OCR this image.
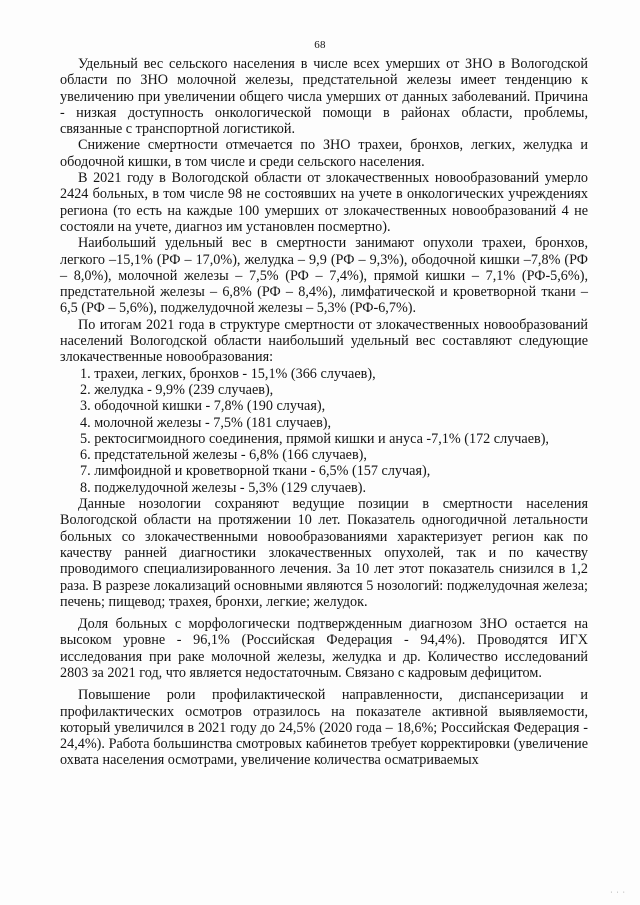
68

Удельный вес сельского населения в числе всех умерших от ЗНО в Вологодской области по ЗНО молочной железы, предстательной железы имеет тенденцию к увеличению при увеличении общего числа умерших от данных заболеваний. Причина - низкая доступность онкологической помощи в районах области, проблемы, связанные с транспортной логистикой.

Снижение смертности отмечается по ЗНО трахеи, бронхов, легких, желудка и ободочной кишки, в том числе и среди сельского населения.

В 2021 году в Вологодской области от злокачественных новообразований умерло 2424 больных, в том числе 98 не состоявших на учете в онкологических учреждениях региона (то есть на каждые 100 умерших от злокачественных новообразований 4 не состояли на учете, диагноз им установлен посмертно).

Наибольший удельный вес в смертности занимают опухоли трахеи, бронхов, легкого –15,1% (РФ – 17,0%), желудка – 9,9 (РФ – 9,3%), ободочной кишки –7,8% (РФ – 8,0%), молочной железы – 7,5% (РФ – 7,4%), прямой кишки – 7,1% (РФ-5,6%), предстательной железы – 6,8% (РФ – 8,4%), лимфатической и кроветворной ткани – 6,5 (РФ – 5,6%), поджелудочной железы – 5,3% (РФ-6,7%).

По итогам 2021 года в структуре смертности от злокачественных новообразований населений Вологодской области наибольший удельный вес составляют следующие злокачественные новообразования:

1. трахеи, легких, бронхов - 15,1% (366 случаев),
2. желудка - 9,9% (239 случаев),
3. ободочной кишки - 7,8% (190 случая),
4. молочной железы - 7,5% (181 случаев),
5. ректосигмоидного соединения, прямой кишки и ануса -7,1% (172 случаев),
6. предстательной железы - 6,8% (166 случаев),
7. лимфоидной и кроветворной ткани - 6,5% (157 случая),
8. поджелудочной железы - 5,3% (129 случаев).

Данные нозологии сохраняют ведущие позиции в смертности населения Вологодской области на протяжении 10 лет. Показатель одногодичной летальности больных со злокачественными новообразованиями характеризует регион как по качеству ранней диагностики злокачественных опухолей, так и по качеству проводимого специализированного лечения. За 10 лет этот показатель снизился в 1,2 раза. В разрезе локализаций основными являются 5 нозологий: поджелудочная железа; печень; пищевод; трахея, бронхи, легкие; желудок.

Доля больных с морфологически подтвержденным диагнозом ЗНО остается на высоком уровне - 96,1% (Российская Федерация - 94,4%). Проводятся ИГХ исследования при раке молочной железы, желудка и др. Количество исследований 2803 за 2021 год, что является недостаточным. Связано с кадровым дефицитом.

Повышение роли профилактической направленности, диспансеризации и профилактических осмотров отразилось на показателе активной выявляемости, который увеличился в 2021 году до 24,5% (2020 года – 18,6%; Российская Федерация - 24,4%). Работа большинства смотровых кабинетов требует корректировки (увеличение охвата населения осмотрами, увеличение количества осматриваемых

· · ·
